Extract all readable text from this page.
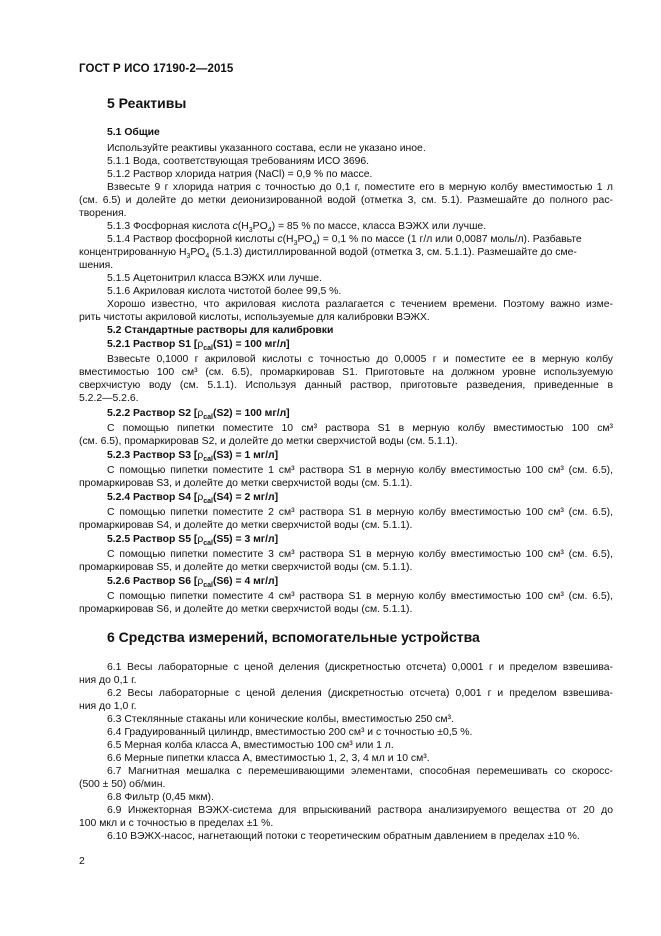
ГОСТ Р ИСО 17190-2—2015
5 Реактивы
5.1 Общие
Используйте реактивы указанного состава, если не указано иное.
5.1.1 Вода, соответствующая требованиям ИСО 3696.
5.1.2 Раствор хлорида натрия (NaCl) = 0,9 % по массе.
Взвесьте 9 г хлорида натрия с точностью до 0,1 г, поместите его в мерную колбу вместимостью 1 л
(см. 6.5) и долейте до метки деионизированной водой (отметка 3, см. 5.1). Размешайте до полного рас-
творения.
5.1.3 Фосфорная кислота $c(H_3PO_4) = 85$ % по массе, класса ВЭЖХ или лучше.
5.1.4 Раствор фосфорной кислоты $c(H_3PO_4) = 0,1$ % по массе (1 г/л или 0,0087 моль/л). Разбавьте
концентрированную $H_3PO_4$ (5.1.3) дистиллированной водой (отметка 3, см. 5.1.1). Размешайте до сме-
шения.
5.1.5 Ацетонитрил класса ВЭЖХ или лучше.
5.1.6 Акриловая кислота чистотой более 99,5 %.
Хорошо известно, что акриловая кислота разлагается с течением времени. Поэтому важно изме-
рить чистоты акриловой кислоты, используемые для калибровки ВЭЖХ.
5.2 Стандартные растворы для калибровки
5.2.1 Раствор S1 [$\rho_{cal}(S1) = 100$ мг/л]
Взвесьте 0,1000 г акриловой кислоты с точностью до 0,0005 г и поместите ее в мерную колбу
вместимостью 100 см³ (см. 6.5), промаркировав S1. Приготовьте на должном уровне используемую
сверхчистую воду (см. 5.1.1). Используя данный раствор, приготовьте разведения, приведенные в
5.2.2—5.2.6.
5.2.2 Раствор S2 [$\rho_{cal}(S2) = 100$ мг/л]
С помощью пипетки поместите 10 см³ раствора S1 в мерную колбу вместимостью 100 см³
(см. 6.5), промаркировав S2, и долейте до метки сверхчистой воды (см. 5.1.1).
5.2.3 Раствор S3 [$\rho_{cal}(S3) = 1$ мг/л]
С помощью пипетки поместите 1 см³ раствора S1 в мерную колбу вместимостью 100 см³ (см. 6.5),
промаркировав S3, и долейте до метки сверхчистой воды (см. 5.1.1).
5.2.4 Раствор S4 [$\rho_{cal}(S4) = 2$ мг/л]
С помощью пипетки поместите 2 см³ раствора S1 в мерную колбу вместимостью 100 см³ (см. 6.5),
промаркировав S4, и долейте до метки сверхчистой воды (см. 5.1.1).
5.2.5 Раствор S5 [$\rho_{cal}(S5) = 3$ мг/л]
С помощью пипетки поместите 3 см³ раствора S1 в мерную колбу вместимостью 100 см³ (см. 6.5),
промаркировав S5, и долейте до метки сверхчистой воды (см. 5.1.1).
5.2.6 Раствор S6 [$\rho_{cal}(S6) = 4$ мг/л]
С помощью пипетки поместите 4 см³ раствора S1 в мерную колбу вместимостью 100 см³ (см. 6.5),
промаркировав S6, и долейте до метки сверхчистой воды (см. 5.1.1).
6 Средства измерений, вспомогательные устройства
6.1 Весы лабораторные с ценой деления (дискретностью отсчета) 0,0001 г и пределом взвешива-
ния до 0,1 г.
6.2 Весы лабораторные с ценой деления (дискретностью отсчета) 0,001 г и пределом взвешива-
ния до 1,0 г.
6.3 Стеклянные стаканы или конические колбы, вместимостью 250 см³.
6.4 Градуированный цилиндр, вместимостью 200 см³ и с точностью ±0,5 %.
6.5 Мерная колба класса А, вместимостью 100 см³ или 1 л.
6.6 Мерные пипетки класса А, вместимостью 1, 2, 3, 4 мл и 10 см³.
6.7 Магнитная мешалка с перемешивающими элементами, способная перемешивать со скоросс-
(500 ± 50) об/мин.
6.8 Фильтр (0,45 мкм).
6.9 Инжекторная ВЭЖХ-система для впрыскиваний раствора анализируемого вещества от 20 до
100 мкл и с точностью в пределах ±1 %.
6.10 ВЭЖХ-насос, нагнетающий потоки с теоретическим обратным давлением в пределах ±10 %.
2
